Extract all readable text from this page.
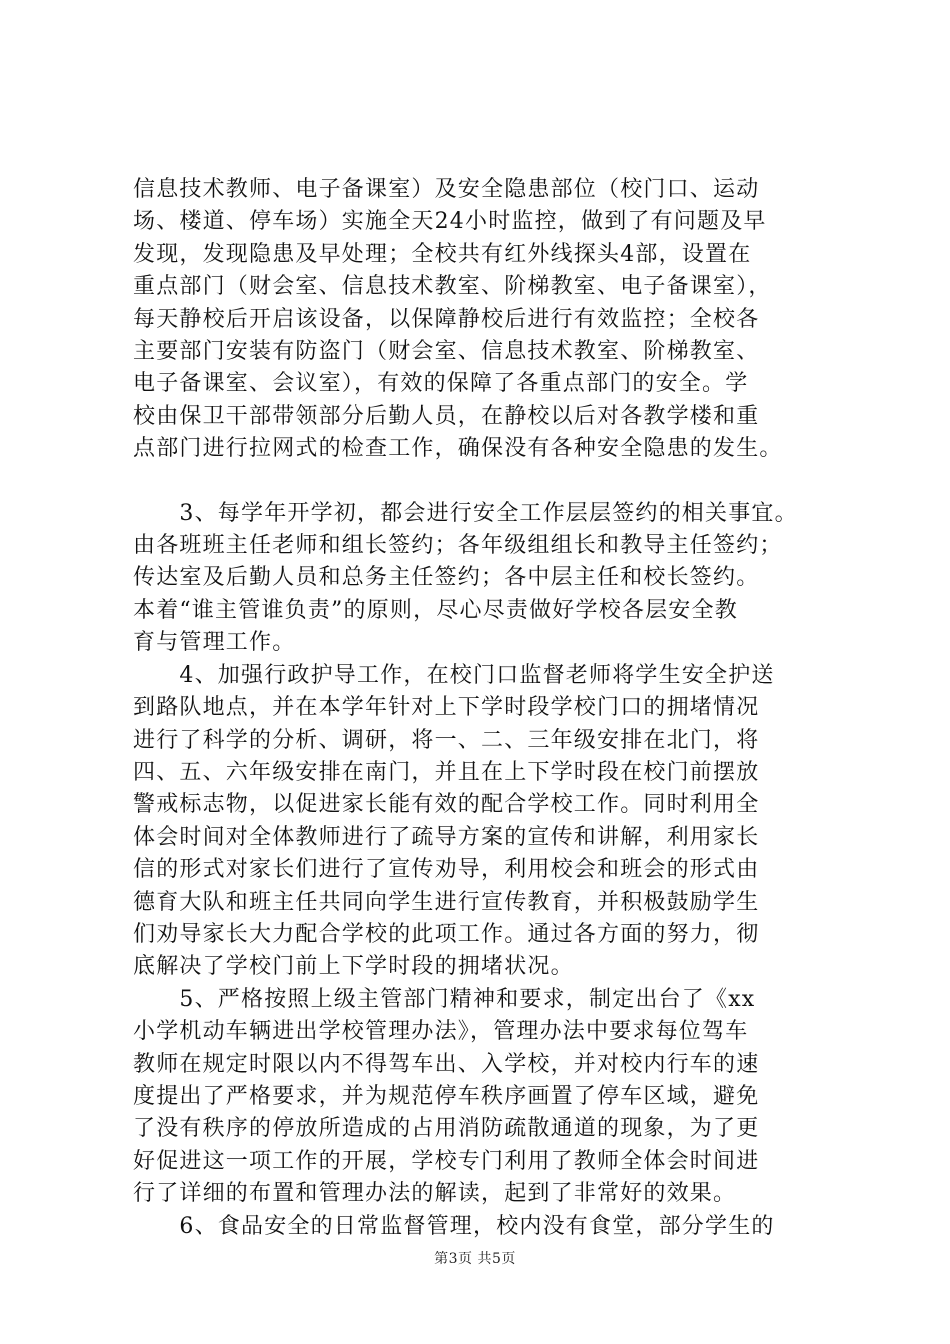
信息技术教师、电子备课室）及安全隐患部位（校门口、运动
场、楼道、停车场）实施全天24小时监控，做到了有问题及早
发现，发现隐患及早处理；全校共有红外线探头4部，设置在
重点部门（财会室、信息技术教室、阶梯教室、电子备课室），
每天静校后开启该设备，以保障静校后进行有效监控；全校各
主要部门安装有防盗门（财会室、信息技术教室、阶梯教室、
电子备课室、会议室），有效的保障了各重点部门的安全。学
校由保卫干部带领部分后勤人员，在静校以后对各教学楼和重
点部门进行拉网式的检查工作，确保没有各种安全隐患的发生。

　　3、每学年开学初，都会进行安全工作层层签约的相关事宜。
由各班班主任老师和组长签约；各年级组组长和教导主任签约；
传达室及后勤人员和总务主任签约；各中层主任和校长签约。
本着“谁主管谁负责”的原则，尽心尽责做好学校各层安全教
育与管理工作。

　　4、加强行政护导工作，在校门口监督老师将学生安全护送
到路队地点，并在本学年针对上下学时段学校门口的拥堵情况
进行了科学的分析、调研，将一、二、三年级安排在北门，将
四、五、六年级安排在南门，并且在上下学时段在校门前摆放
警戒标志物，以促进家长能有效的配合学校工作。同时利用全
体会时间对全体教师进行了疏导方案的宣传和讲解，利用家长
信的形式对家长们进行了宣传劝导，利用校会和班会的形式由
德育大队和班主任共同向学生进行宣传教育，并积极鼓励学生
们劝导家长大力配合学校的此项工作。通过各方面的努力，彻
底解决了学校门前上下学时段的拥堵状况。

　　5、严格按照上级主管部门精神和要求，制定出台了《xx
小学机动车辆进出学校管理办法》，管理办法中要求每位驾车
教师在规定时限以内不得驾车出、入学校，并对校内行车的速
度提出了严格要求，并为规范停车秩序画置了停车区域，避免
了没有秩序的停放所造成的占用消防疏散通道的现象，为了更
好促进这一项工作的开展，学校专门利用了教师全体会时间进
行了详细的布置和管理办法的解读，起到了非常好的效果。

　　6、食品安全的日常监督管理，校内没有食堂，部分学生的

第3页 共5页
